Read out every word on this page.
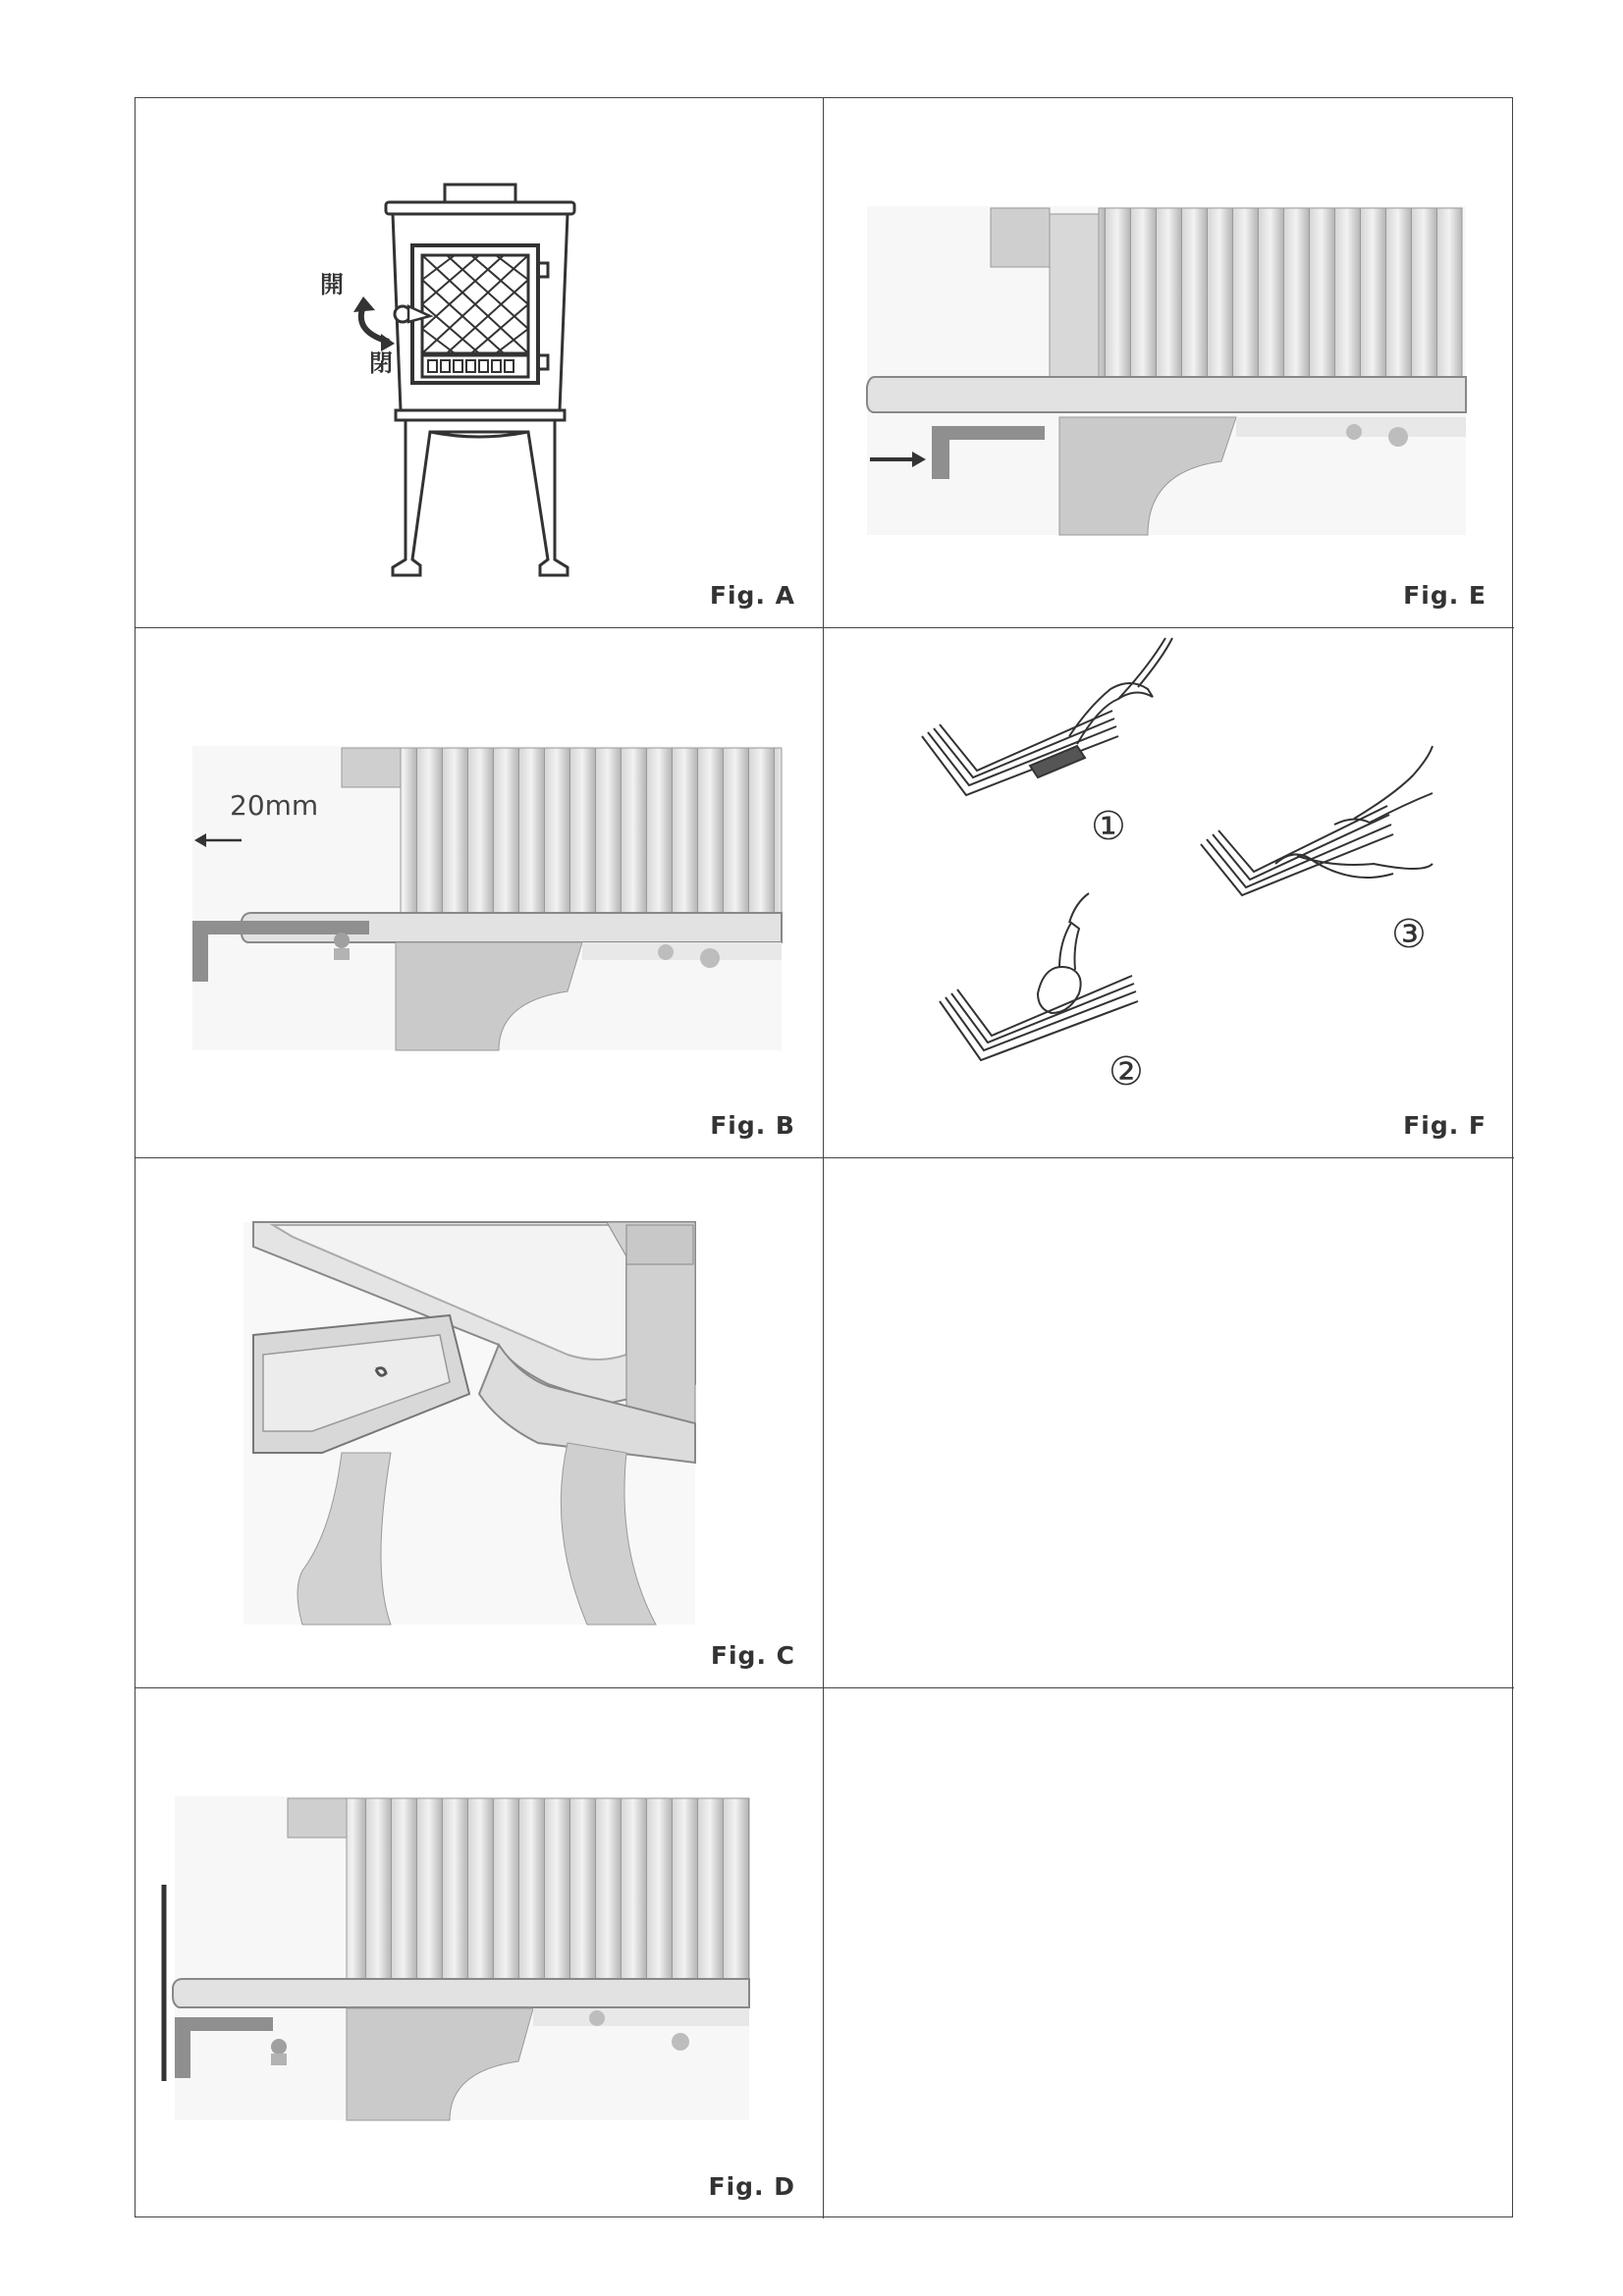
開
閉
Fig. A	Fig. E
20mm
Fig. B
①
②
③
Fig. F
Fig. C
Fig. D
